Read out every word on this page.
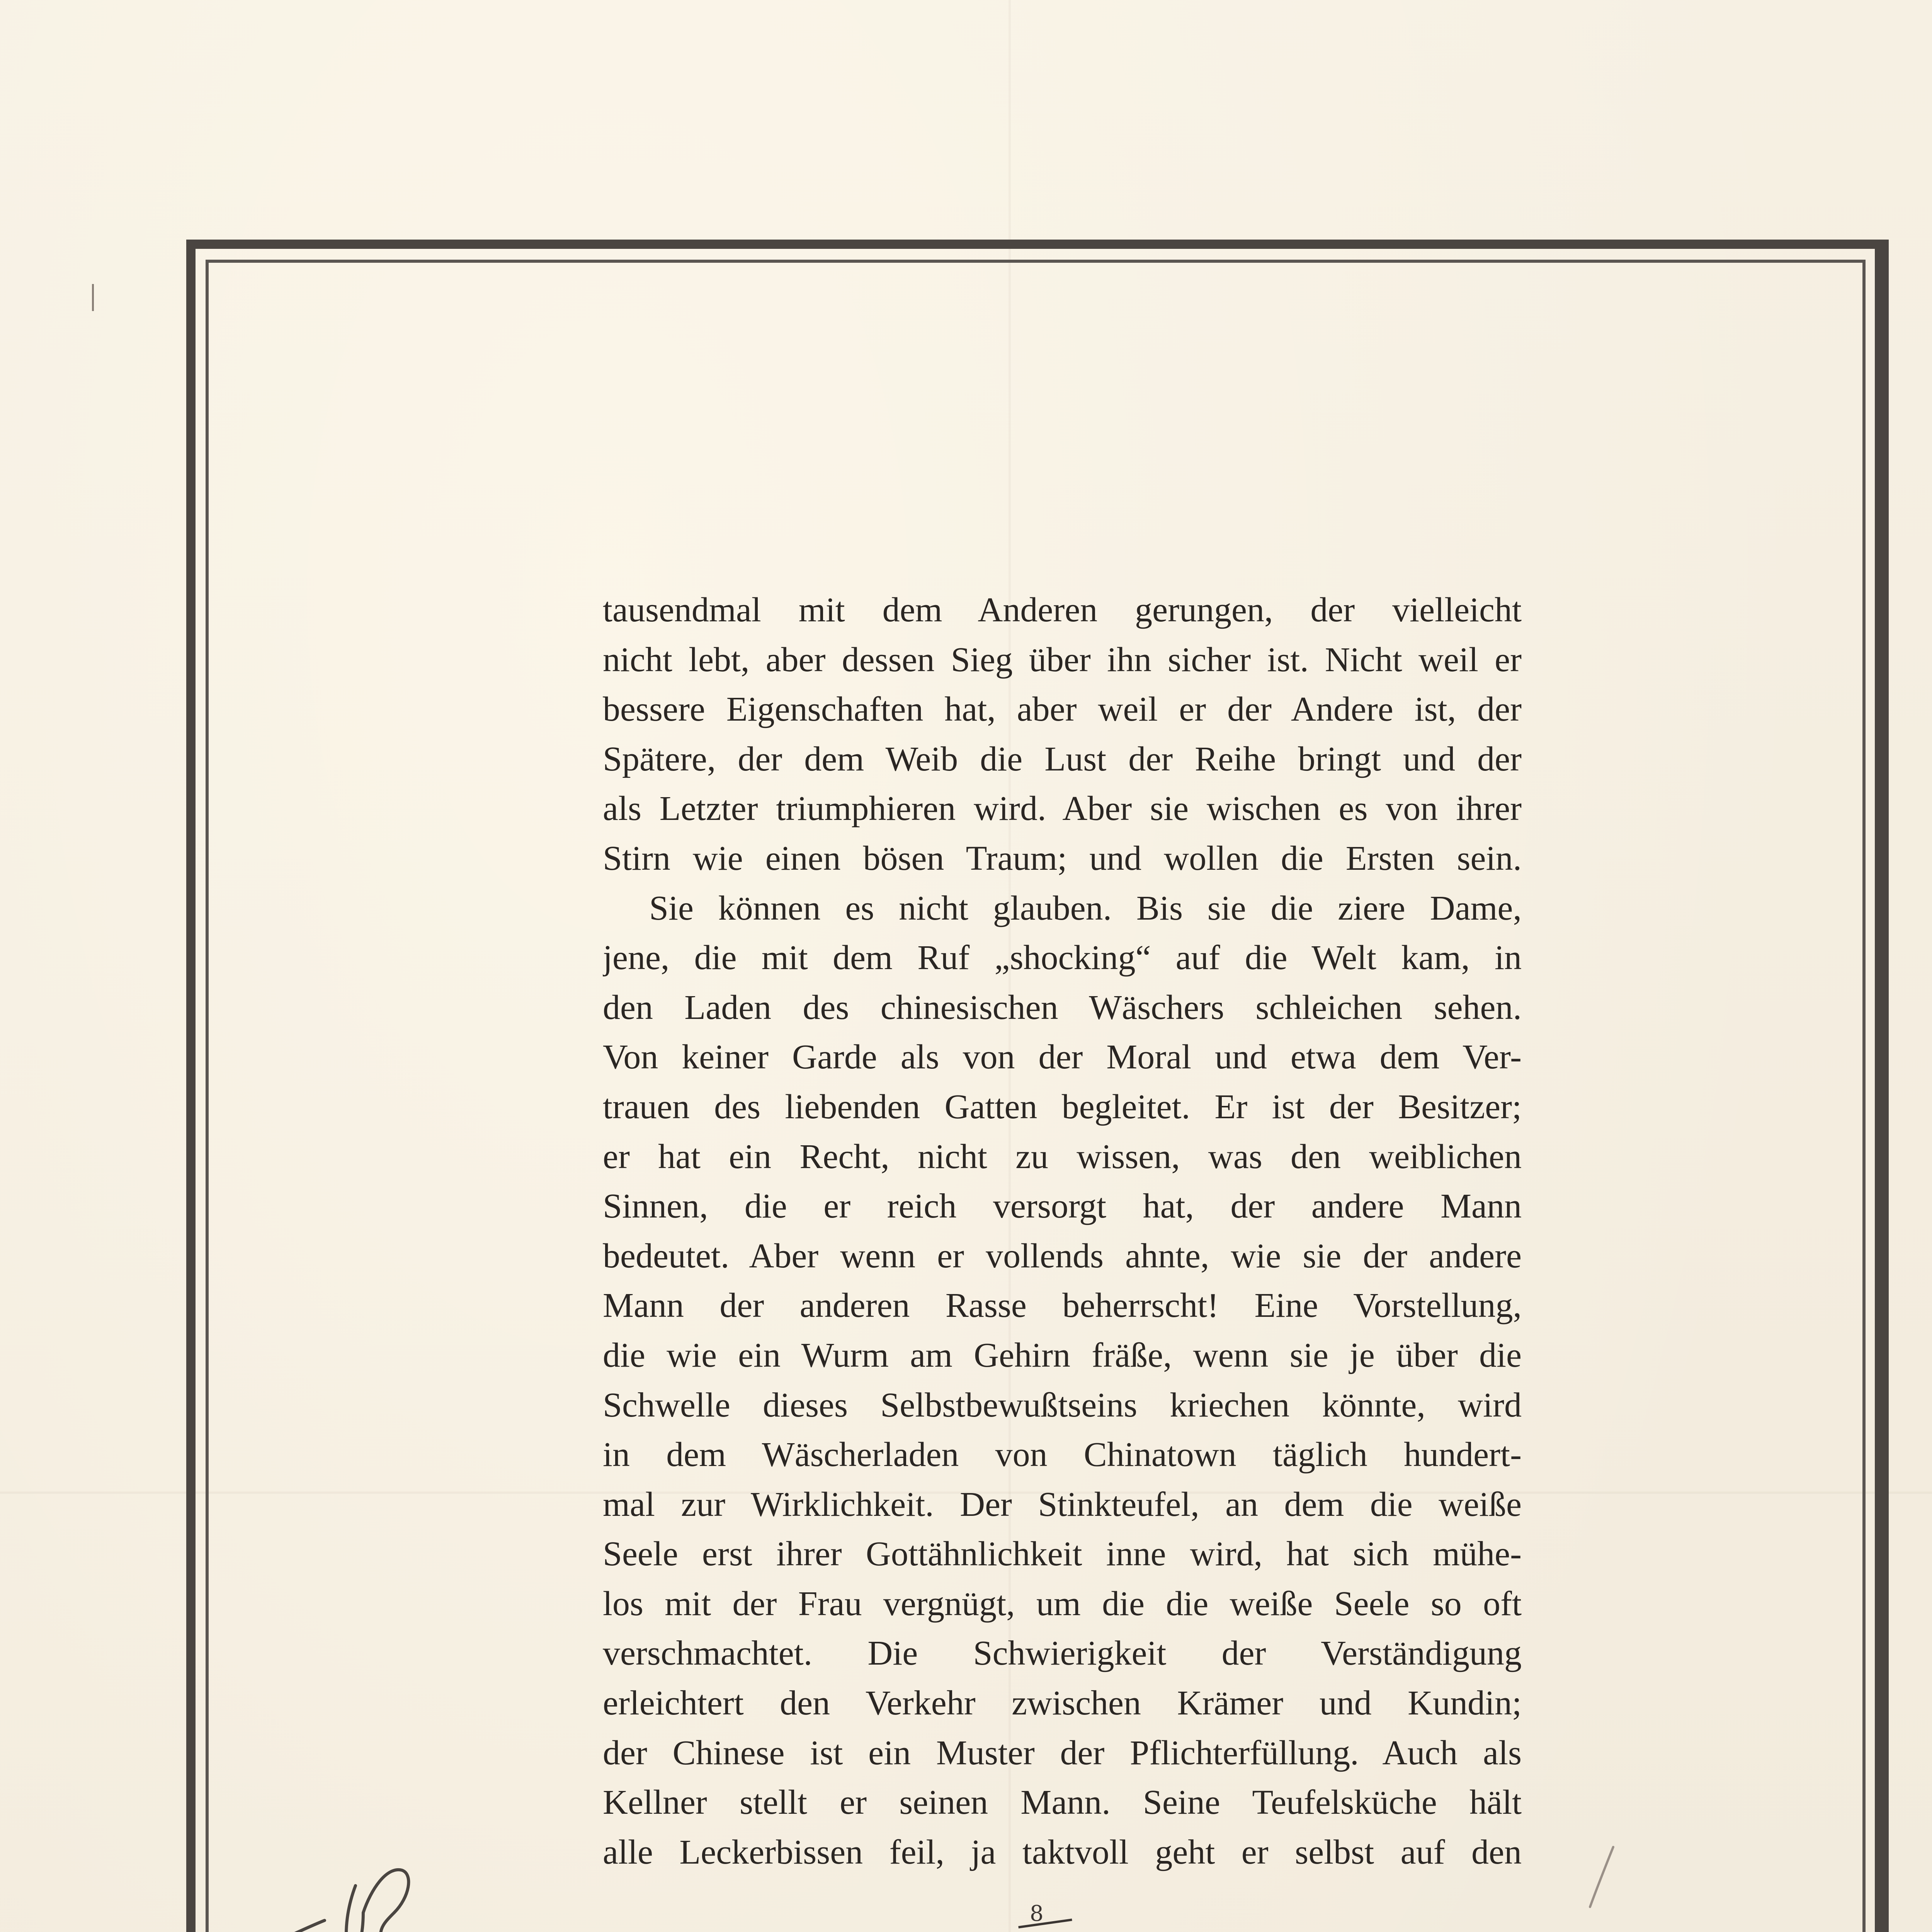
tausendmal mit dem Anderen gerungen, der vielleicht
nicht lebt, aber dessen Sieg über ihn sicher ist. Nicht weil er
bessere Eigenschaften hat, aber weil er der Andere ist, der
Spätere, der dem Weib die Lust der Reihe bringt und der
als Letzter triumphieren wird. Aber sie wischen es von ihrer
Stirn wie einen bösen Traum; und wollen die Ersten sein.
Sie können es nicht glauben. Bis sie die ziere Dame,
jene, die mit dem Ruf „shocking“ auf die Welt kam, in
den Laden des chinesischen Wäschers schleichen sehen.
Von keiner Garde als von der Moral und etwa dem Ver-
trauen des liebenden Gatten begleitet. Er ist der Besitzer;
er hat ein Recht, nicht zu wissen, was den weiblichen
Sinnen, die er reich versorgt hat, der andere Mann
bedeutet. Aber wenn er vollends ahnte, wie sie der andere
Mann der anderen Rasse beherrscht! Eine Vorstellung,
die wie ein Wurm am Gehirn fräße, wenn sie je über die
Schwelle dieses Selbstbewußtseins kriechen könnte, wird
in dem Wäscherladen von Chinatown täglich hundert-
mal zur Wirklichkeit. Der Stinkteufel, an dem die weiße
Seele erst ihrer Gottähnlichkeit inne wird, hat sich mühe-
los mit der Frau vergnügt, um die die weiße Seele so oft
verschmachtet. Die Schwierigkeit der Verständigung
erleichtert den Verkehr zwischen Krämer und Kundin;
der Chinese ist ein Muster der Pflichterfüllung. Auch als
Kellner stellt er seinen Mann. Seine Teufelsküche hält
alle Leckerbissen feil, ja taktvoll geht er selbst auf den
8
